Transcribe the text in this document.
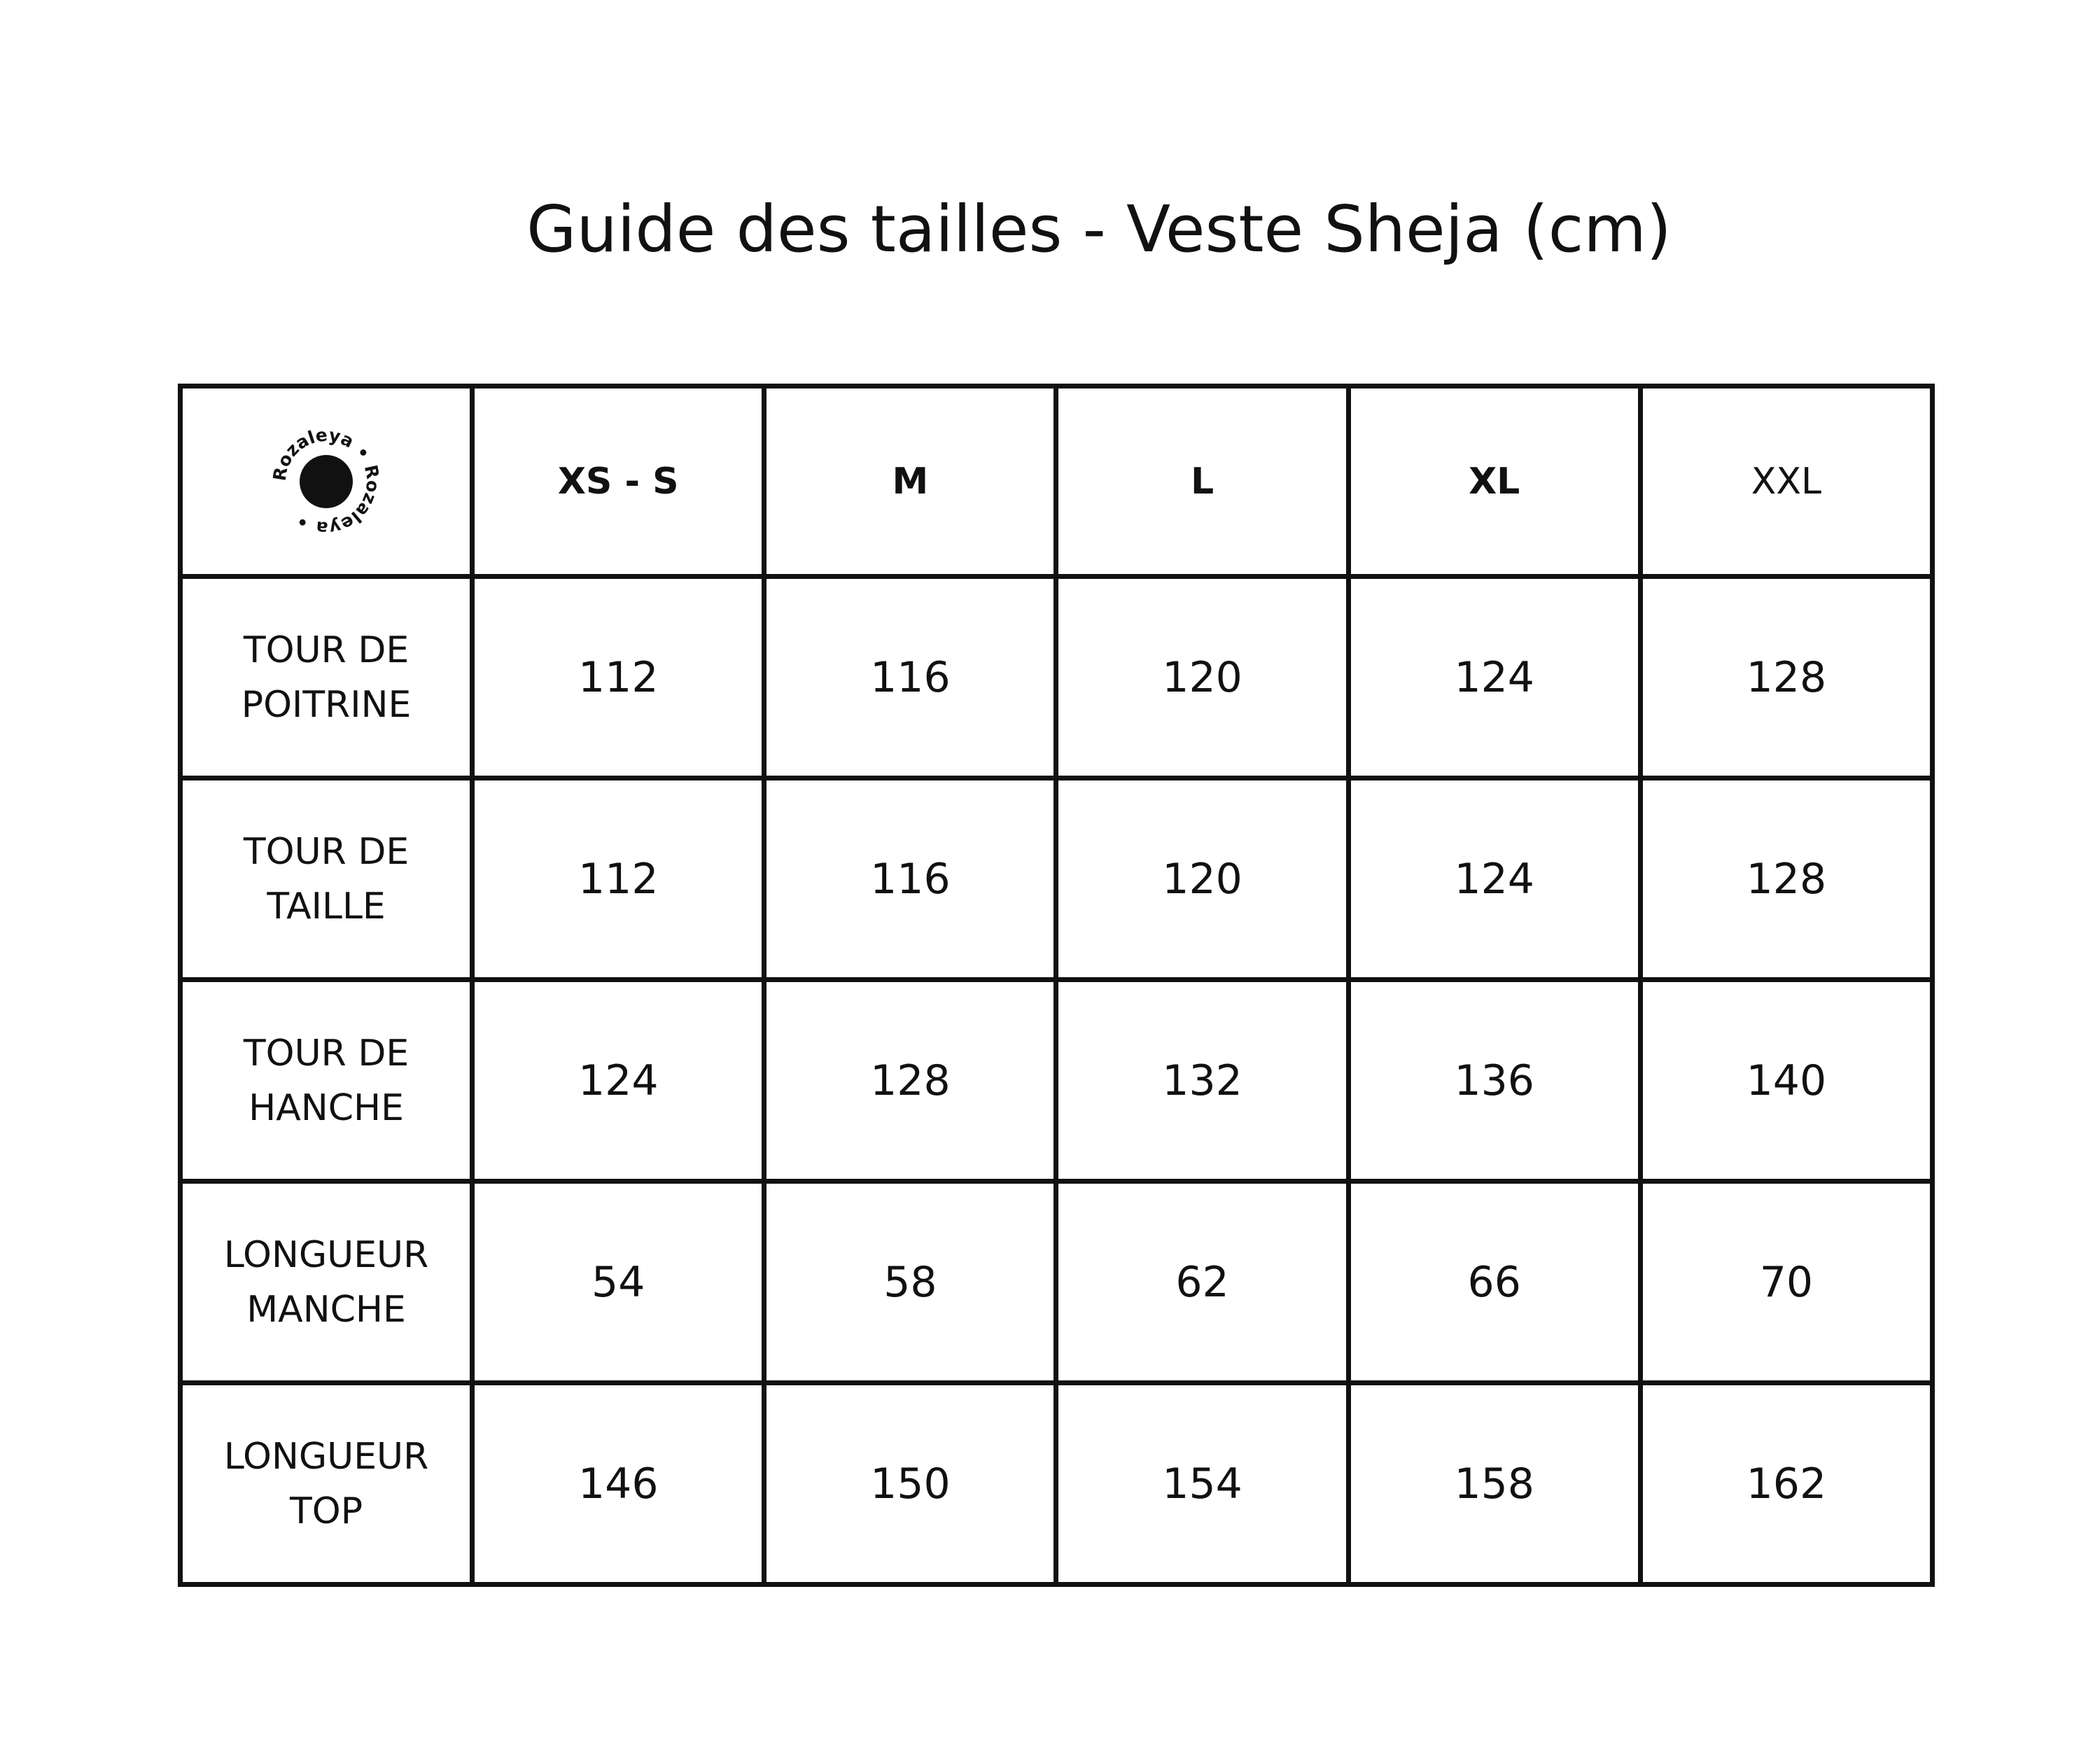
Guide des tailles - Veste Sheja (cm)
Rozaleya • Rozaleya •	XS - S	M	L	XL	XXL

TOUR DE
POITRINE	112	116	120	124	128

TOUR DE
TAILLE	112	116	120	124	128

TOUR DE
HANCHE	124	128	132	136	140

LONGUEUR
MANCHE	54	58	62	66	70

LONGUEUR
TOP	146	150	154	158	162
